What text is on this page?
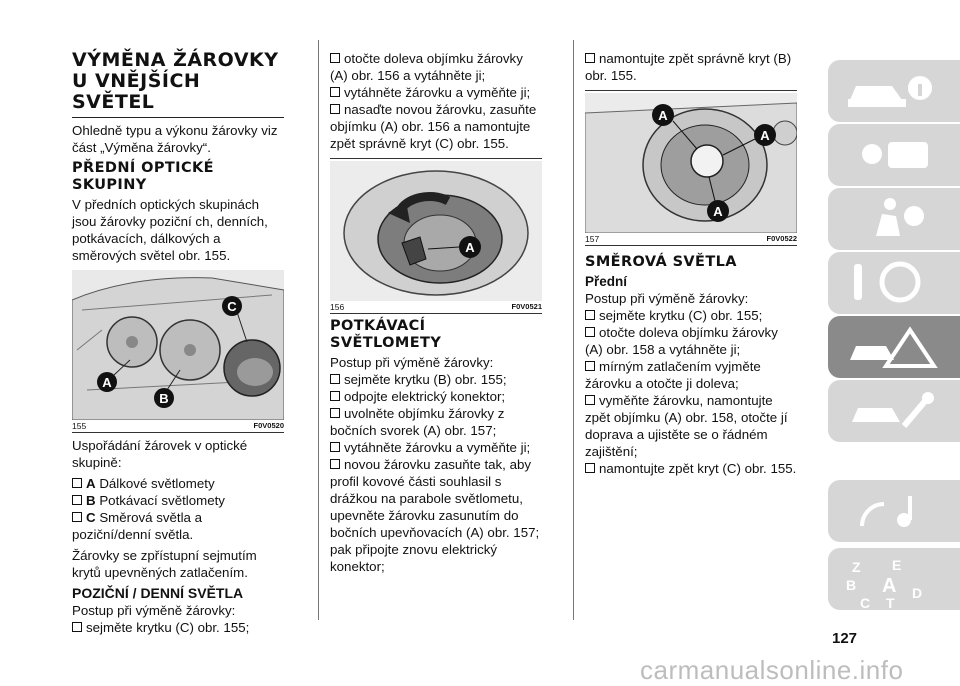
VÝMĚNA ŽÁROVKY U VNĚJŠÍCH SVĚTEL

Ohledně typu a výkonu žárovky viz část „Výměna žárovky“.

PŘEDNÍ OPTICKÉ SKUPINY

V předních optických skupinách jsou žárovky poziční ch, denních, potkávacích, dálkových a směrových světel obr. 155.

A
B
C
155	F0V0520

Uspořádání žárovek v optické skupině:

A Dálkové světlomety
B Potkávací světlomety
C Směrová světla a poziční/denní světla.

Žárovky se zpřístupní sejmutím krytů upevněných zatlačením.

POZIČNÍ / DENNÍ SVĚTLA

Postup při výměně žárovky:

sejměte krytku (C) obr. 155;
otočte doleva objímku žárovky (A) obr. 156 a vytáhněte ji;
vytáhněte žárovku a vyměňte ji;
nasaďte novou žárovku, zasuňte objímku (A) obr. 156 a namontujte zpět správně kryt (C) obr. 155.
A
156	F0V0521
POTKÁVACÍ SVĚTLOMETY

Postup při výměně žárovky:

sejměte krytku (B) obr. 155;
odpojte elektrický konektor;
uvolněte objímku žárovky z bočních svorek (A) obr. 157;
vytáhněte žárovku a vyměňte ji;
novou žárovku zasuňte tak, aby profil kovové části souhlasil s drážkou na parabole světlometu, upevněte žárovku zasunutím do bočních upevňovacích (A) obr. 157; pak připojte znovu elektrický konektor;
namontujte zpět správně kryt (B) obr. 155.
A
A
A
157	F0V0522
SMĚROVÁ SVĚTLA
Přední

Postup při výměně žárovky:

sejměte krytku (C) obr. 155;
otočte doleva objímku žárovky (A) obr. 158 a vytáhněte ji;
mírným zatlačením vyjměte žárovku a otočte ji doleva;
vyměňte žárovku, namontujte zpět objímku (A) obr. 158, otočte jí doprava a ujistěte se o řádném zajištění;
namontujte zpět kryt (C) obr. 155.
Z E
B A D
C T
127
carmanualsonline.info
